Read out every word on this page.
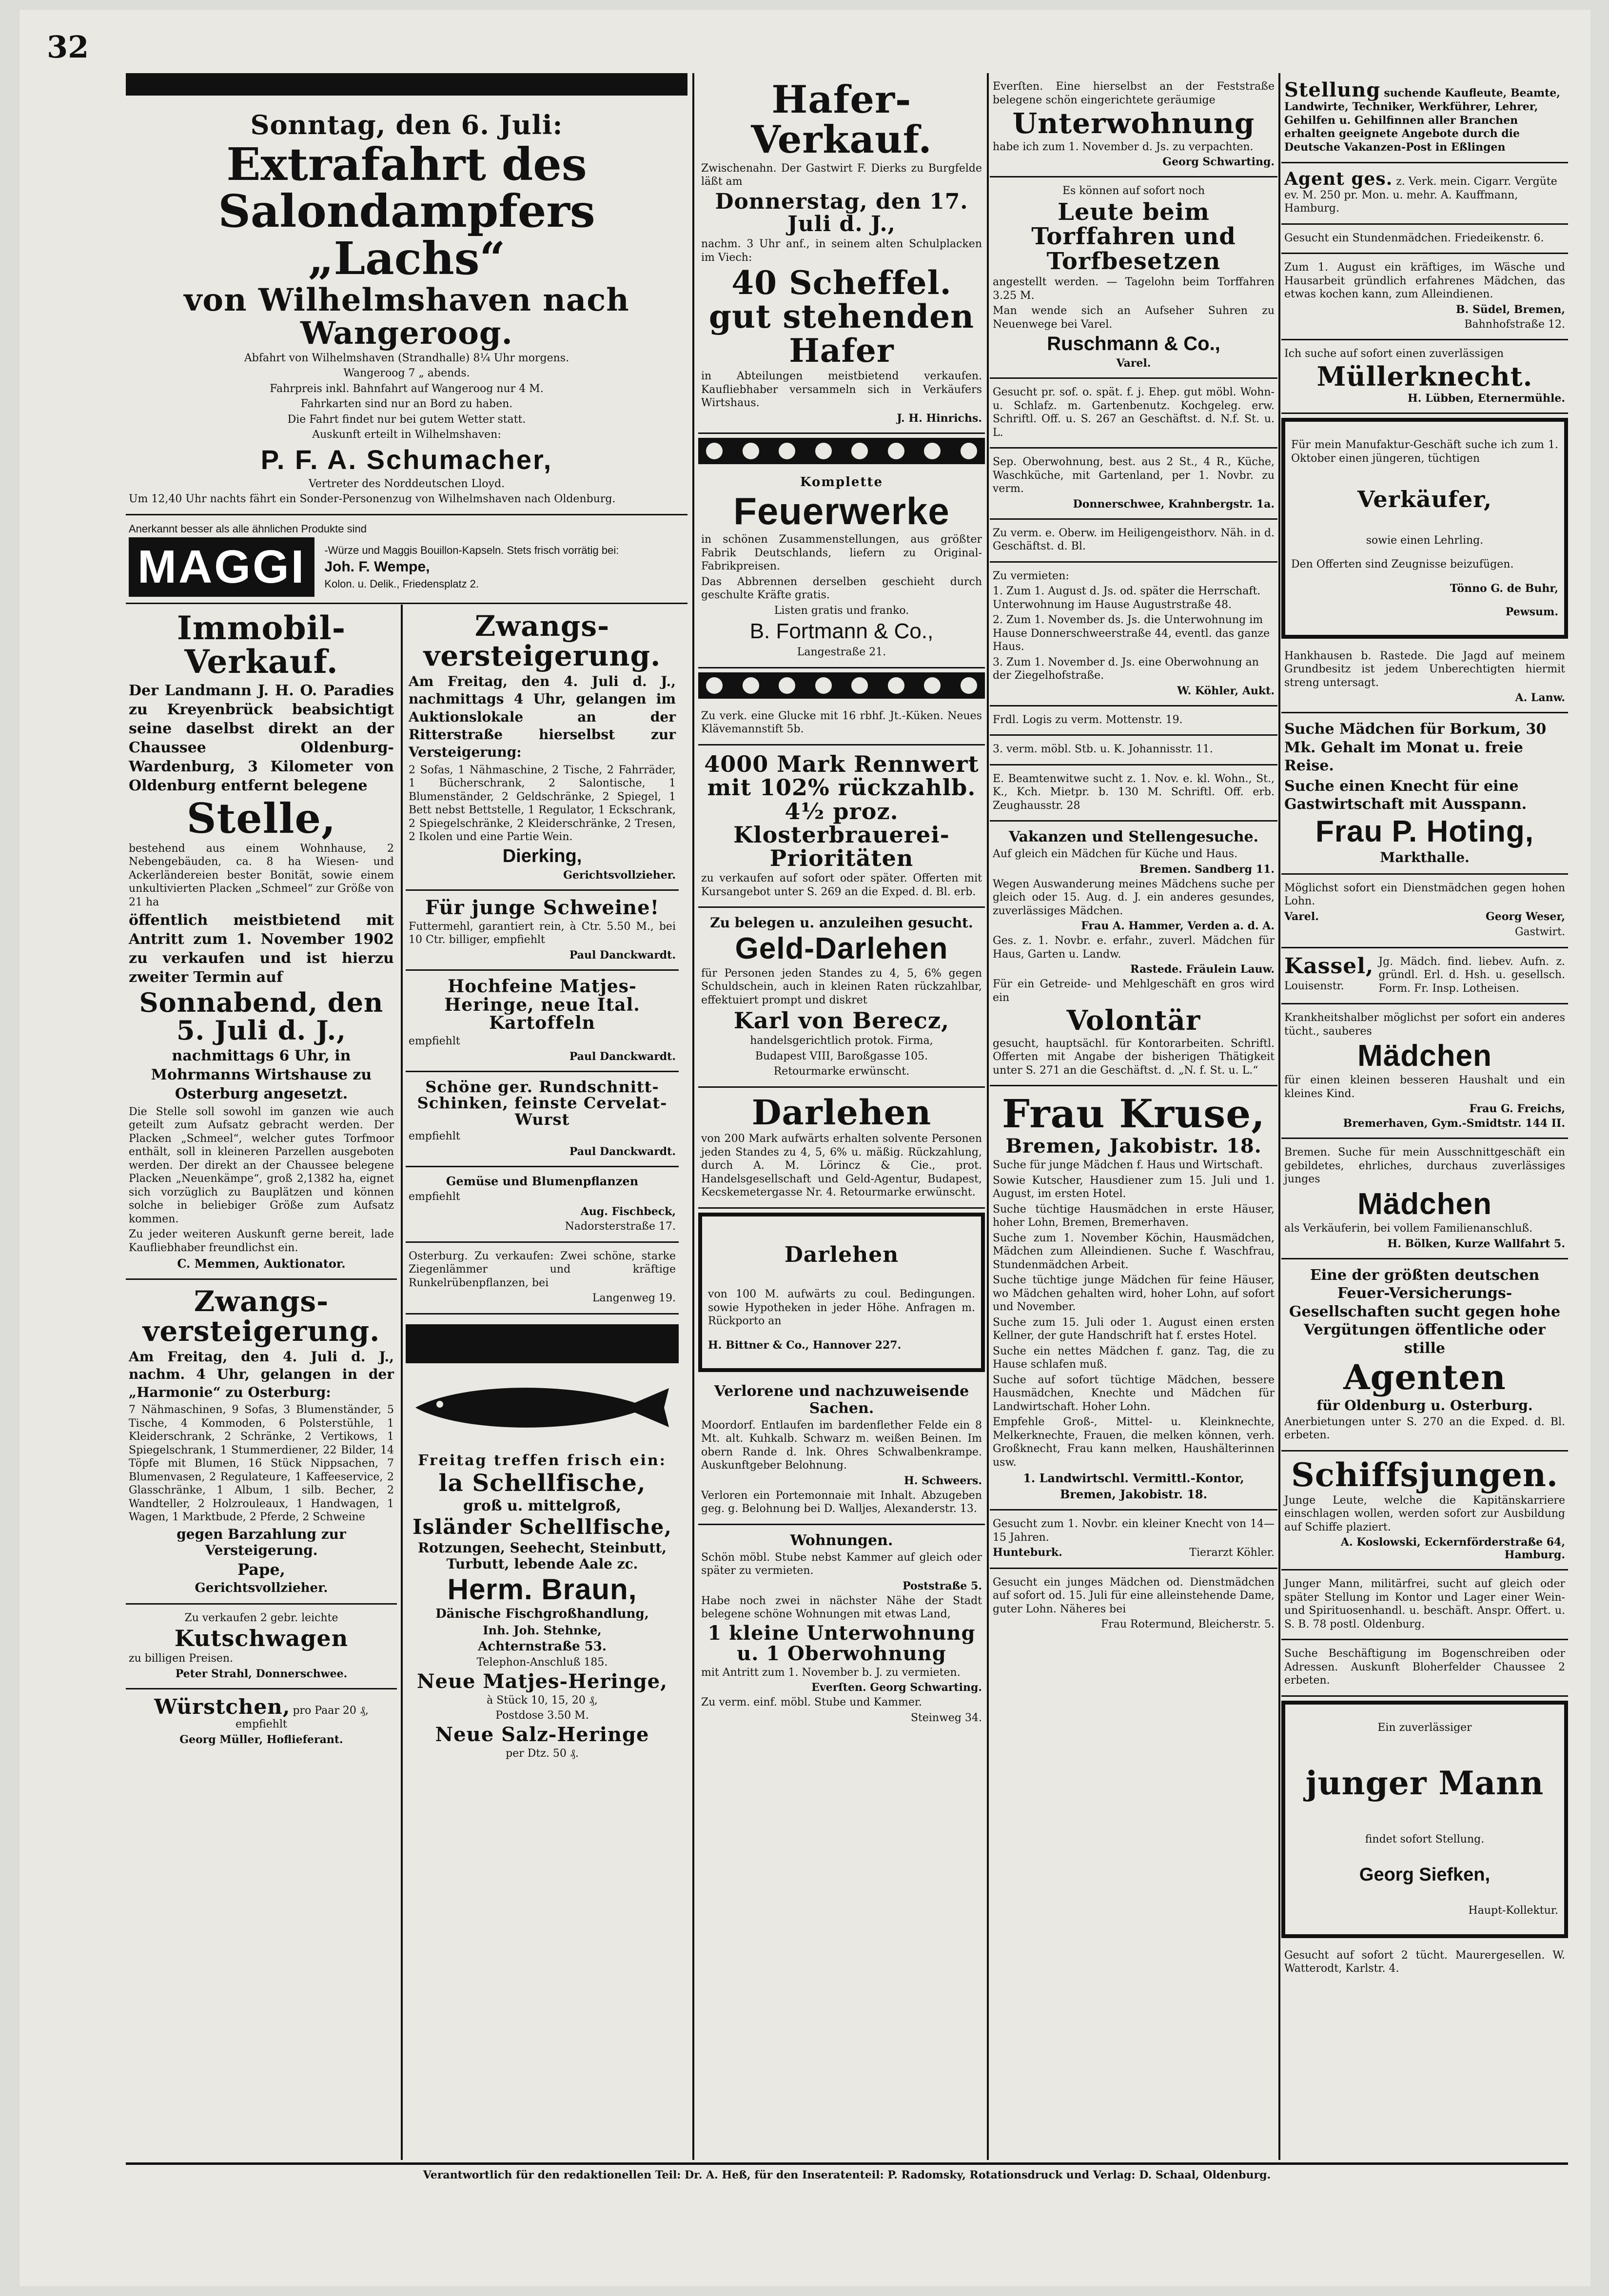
32

Sonntag, den 6. Juli:

Extrafahrt des Salondampfers „Lachs“

von Wilhelmshaven nach Wangeroog.

Abfahrt von Wilhelmshaven (Strandhalle) 8¼ Uhr morgens.

Wangeroog 7 „ abends.

Fahrpreis inkl. Bahnfahrt auf Wangeroog nur 4 M.

Fahrkarten sind nur an Bord zu haben.

Die Fahrt findet nur bei gutem Wetter statt.

Auskunft erteilt in Wilhelmshaven:

P. F. A. Schumacher,

Vertreter des Norddeutschen Lloyd.

Um 12,40 Uhr nachts fährt ein Sonder-Personenzug von Wilhelmshaven nach Oldenburg.

Anerkannt besser als alle ähnlichen Produkte sind

MAGGI	-Würze und Maggis Bouillon-Kapseln. Stets frisch vorrätig bei:

Joh. F. Wempe,

Kolon. u. Delik., Friedensplatz 2.

Immobil-Verkauf.

Der Landmann J. H. O. Paradies zu Kreyenbrück beabsichtigt seine daselbst direkt an der Chaussee Oldenburg-Wardenburg, 3 Kilometer von Oldenburg entfernt belegene

Stelle,

bestehend aus einem Wohnhause, 2 Nebengebäuden, ca. 8 ha Wiesen- und Ackerländereien bester Bonität, sowie einem unkultivierten Placken „Schmeel“ zur Größe von 21 ha

öffentlich meistbietend mit Antritt zum 1. November 1902 zu verkaufen und ist hierzu zweiter Termin auf

Sonnabend, den 5. Juli d. J.,

nachmittags 6 Uhr, in Mohrmanns Wirtshause zu Osterburg angesetzt.

Die Stelle soll sowohl im ganzen wie auch geteilt zum Aufsatz gebracht werden. Der Placken „Schmeel“, welcher gutes Torfmoor enthält, soll in kleineren Parzellen ausgeboten werden. Der direkt an der Chaussee belegene Placken „Neuenkämpe“, groß 2,1382 ha, eignet sich vorzüglich zu Bauplätzen und können solche in beliebiger Größe zum Aufsatz kommen.

Zu jeder weiteren Auskunft gerne bereit, lade Kaufliebhaber freundlichst ein.

C. Memmen, Auktionator.

Zwangs-versteigerung.

Am Freitag, den 4. Juli d. J., nachm. 4 Uhr, gelangen in der „Harmonie“ zu Osterburg:

7 Nähmaschinen, 9 Sofas, 3 Blumenständer, 5 Tische, 4 Kommoden, 6 Polsterstühle, 1 Kleiderschrank, 2 Schränke, 2 Vertikows, 1 Spiegelschrank, 1 Stummerdiener, 22 Bilder, 14 Töpfe mit Blumen, 16 Stück Nippsachen, 7 Blumenvasen, 2 Regulateure, 1 Kaffeeservice, 2 Glasschränke, 1 Album, 1 silb. Becher, 2 Wandteller, 2 Holzrouleaux, 1 Handwagen, 1 Wagen, 1 Marktbude, 2 Pferde, 2 Schweine

gegen Barzahlung zur Versteigerung.

Pape,

Gerichtsvollzieher.

Zu verkaufen 2 gebr. leichte

Kutschwagen

zu billigen Preisen.

Peter Strahl, Donnerschwee.

Würstchen, pro Paar 20 ₰, empfiehlt

Georg Müller, Hoflieferant.

Zwangs-versteigerung.

Am Freitag, den 4. Juli d. J., nachmittags 4 Uhr, gelangen im Auktionslokale an der Ritterstraße hierselbst zur Versteigerung:

2 Sofas, 1 Nähmaschine, 2 Tische, 2 Fahrräder, 1 Bücherschrank, 2 Salontische, 1 Blumenständer, 2 Geldschränke, 2 Spiegel, 1 Bett nebst Bettstelle, 1 Regulator, 1 Eckschrank, 2 Spiegelschränke, 2 Kleiderschränke, 2 Tresen, 2 Ikolen und eine Partie Wein.

Dierking,

Gerichtsvollzieher.

Für junge Schweine!

Futtermehl, garantiert rein, à Ctr. 5.50 M., bei 10 Ctr. billiger, empfiehlt

Paul Danckwardt.

Hochfeine Matjes-Heringe, neue Ital. Kartoffeln

empfiehlt

Paul Danckwardt.

Schöne ger. Rundschnitt-Schinken, feinste Cervelat-Wurst

empfiehlt

Paul Danckwardt.

Gemüse und Blumenpflanzen

empfiehlt

Aug. Fischbeck,

Nadorsterstraße 17.

Osterburg. Zu verkaufen: Zwei schöne, starke Ziegenlämmer und kräftige Runkelrübenpflanzen, bei

Langenweg 19.

Freitag treffen frisch ein:

la Schellfische,

groß u. mittelgroß,

Isländer Schellfische,

Rotzungen, Seehecht, Steinbutt, Turbutt, lebende Aale zc.

Herm. Braun,

Dänische Fischgroßhandlung,

Inh. Joh. Stehnke,

Achternstraße 53.

Telephon-Anschluß 185.

Neue Matjes-Heringe,

à Stück 10, 15, 20 ₰,

Postdose 3.50 M.

Neue Salz-Heringe

per Dtz. 50 ₰.

Hafer-Verkauf.

Zwischenahn. Der Gastwirt F. Dierks zu Burgfelde läßt am

Donnerstag, den 17. Juli d. J.,

nachm. 3 Uhr anf., in seinem alten Schulplacken im Viech:

40 Scheffel. gut stehenden Hafer

in Abteilungen meistbietend verkaufen. Kaufliebhaber versammeln sich in Verkäufers Wirtshaus.

J. H. Hinrichs.

Komplette

Feuerwerke

in schönen Zusammenstellungen, aus größter Fabrik Deutschlands, liefern zu Original-Fabrikpreisen.

Das Abbrennen derselben geschieht durch geschulte Kräfte gratis.

Listen gratis und franko.

B. Fortmann & Co.,

Langestraße 21.

Zu verk. eine Glucke mit 16 rbhf. Jt.-Küken. Neues Klävemannstift 5b.

4000 Mark Rennwert mit 102% rückzahlb. 4½ proz. Klosterbrauerei-Prioritäten

zu verkaufen auf sofort oder später. Offerten mit Kursangebot unter S. 269 an die Exped. d. Bl. erb.

Zu belegen u. anzuleihen gesucht.

Geld-Darlehen

für Personen jeden Standes zu 4, 5, 6% gegen Schuldschein, auch in kleinen Raten rückzahlbar, effektuiert prompt und diskret

Karl von Berecz,

handelsgerichtlich protok. Firma,

Budapest VIII, Baroßgasse 105.

Retourmarke erwünscht.

Darlehen

von 200 Mark aufwärts erhalten solvente Personen jeden Standes zu 4, 5, 6% u. mäßig. Rückzahlung, durch A. M. Lörincz & Cie., prot. Handelsgesellschaft und Geld-Agentur, Budapest, Kecskemetergasse Nr. 4. Retourmarke erwünscht.

Darlehen

von 100 M. aufwärts zu coul. Bedingungen. sowie Hypotheken in jeder Höhe. Anfragen m. Rückporto an

H. Bittner & Co., Hannover 227.

Verlorene und nachzuweisende Sachen.

Moordorf. Entlaufen im bardenflether Felde ein 8 Mt. alt. Kuhkalb. Schwarz m. weißen Beinen. Im obern Rande d. lnk. Ohres Schwalbenkrampe. Auskunftgeber Belohnung.

H. Schweers.

Verloren ein Portemonnaie mit Inhalt. Abzugeben geg. g. Belohnung bei D. Walljes, Alexanderstr. 13.

Wohnungen.

Schön möbl. Stube nebst Kammer auf gleich oder später zu vermieten.

Poststraße 5.

Habe noch zwei in nächster Nähe der Stadt belegene schöne Wohnungen mit etwas Land,

1 kleine Unterwohnung u. 1 Oberwohnung

mit Antritt zum 1. November b. J. zu vermieten.

Everſten. Georg Schwarting.

Zu verm. einf. möbl. Stube und Kammer.

Steinweg 34.

Everſten. Eine hierselbst an der Feststraße belegene schön eingerichtete geräumige

Unterwohnung

habe ich zum 1. November d. Js. zu verpachten.

Georg Schwarting.

Es können auf sofort noch

Leute beim Torffahren und Torfbesetzen

angestellt werden. — Tagelohn beim Torffahren 3.25 M.

Man wende sich an Aufseher Suhren zu Neuenwege bei Varel.

Ruschmann & Co.,

Varel.

Gesucht pr. sof. o. spät. f. j. Ehep. gut möbl. Wohn- u. Schlafz. m. Gartenbenutz. Kochgeleg. erw. Schriftl. Off. u. S. 267 an Geschäftst. d. N.f. St. u. L.

Sep. Oberwohnung, best. aus 2 St., 4 R., Küche, Waschküche, mit Gartenland, per 1. Novbr. zu verm.

Donnerschwee, Krahnbergstr. 1a.

Zu verm. e. Oberw. im Heiligengeisthorv. Näh. in d. Geschäftst. d. Bl.

Zu vermieten:

1. Zum 1. August d. Js. od. später die Herrschaft. Unterwohnung im Hause Augustrstraße 48.

2. Zum 1. November ds. Js. die Unterwohnung im Hause Donnerschweerstraße 44, eventl. das ganze Haus.

3. Zum 1. November d. Js. eine Oberwohnung an der Ziegelhofstraße.

W. Köhler, Aukt.

Frdl. Logis zu verm. Mottenstr. 19.

3. verm. möbl. Stb. u. K. Johannisstr. 11.

E. Beamtenwitwe sucht z. 1. Nov. e. kl. Wohn., St., K., Kch. Mietpr. b. 130 M. Schriftl. Off. erb. Zeughausstr. 28

Vakanzen und Stellengesuche.

Auf gleich ein Mädchen für Küche und Haus.

Bremen. Sandberg 11.

Wegen Auswanderung meines Mädchens suche per gleich oder 15. Aug. d. J. ein anderes gesundes, zuverlässiges Mädchen.

Frau A. Hammer, Verden a. d. A.

Ges. z. 1. Novbr. e. erfahr., zuverl. Mädchen für Haus, Garten u. Landw.

Rastede. Fräulein Lauw.

Für ein Getreide- und Mehlgeschäft en gros wird ein

Volontär

gesucht, hauptsächl. für Kontorarbeiten. Schriftl. Offerten mit Angabe der bisherigen Thätigkeit unter S. 271 an die Geschäftst. d. „N. f. St. u. L.“

Frau Kruse,

Bremen, Jakobistr. 18.

Suche für junge Mädchen f. Haus und Wirtschaft.

Sowie Kutscher, Hausdiener zum 15. Juli und 1. August, im ersten Hotel.

Suche tüchtige Hausmädchen in erste Häuser, hoher Lohn, Bremen, Bremerhaven.

Suche zum 1. November Köchin, Hausmädchen, Mädchen zum Alleindienen. Suche f. Waschfrau, Stundenmädchen Arbeit.

Suche tüchtige junge Mädchen für feine Häuser, wo Mädchen gehalten wird, hoher Lohn, auf sofort und November.

Suche zum 15. Juli oder 1. August einen ersten Kellner, der gute Handschrift hat f. erstes Hotel.

Suche ein nettes Mädchen f. ganz. Tag, die zu Hause schlafen muß.

Suche auf sofort tüchtige Mädchen, bessere Hausmädchen, Knechte und Mädchen für Landwirtschaft. Hoher Lohn.

Empfehle Groß-, Mittel- u. Kleinknechte, Melkerknechte, Frauen, die melken können, verh. Großknecht, Frau kann melken, Haushälterinnen usw.

1. Landwirtschl. Vermittl.-Kontor,

Bremen, Jakobistr. 18.

Gesucht zum 1. Novbr. ein kleiner Knecht von 14—15 Jahren.

Hunteburk.	Tierarzt Köhler.

Gesucht ein junges Mädchen od. Dienstmädchen auf sofort od. 15. Juli für eine alleinstehende Dame, guter Lohn. Näheres bei

Frau Rotermund, Bleicherstr. 5.

Stellung suchende Kaufleute, Beamte, Landwirte, Techniker, Werkführer, Lehrer, Gehilfen u. Gehilfinnen aller Branchen erhalten geeignete Angebote durch die Deutsche Vakanzen-Post in Eßlingen

Agent ges. z. Verk. mein. Cigarr. Vergüte ev. M. 250 pr. Mon. u. mehr. A. Kauffmann, Hamburg.

Gesucht ein Stundenmädchen. Friedeikenstr. 6.

Zum 1. August ein kräftiges, im Wäsche und Hausarbeit gründlich erfahrenes Mädchen, das etwas kochen kann, zum Alleindienen.

B. Südel, Bremen,

Bahnhofstraße 12.

Ich suche auf sofort einen zuverlässigen

Müllerknecht.

H. Lübben, Eternermühle.

Für mein Manufaktur-Geschäft suche ich zum 1. Oktober einen jüngeren, tüchtigen

Verkäufer,

sowie einen Lehrling.

Den Offerten sind Zeugnisse beizufügen.

Tönno G. de Buhr,

Pewsum.

Hankhausen b. Rastede. Die Jagd auf meinem Grundbesitz ist jedem Unberechtigten hiermit streng untersagt.

A. Lanw.

Suche Mädchen für Borkum, 30 Mk. Gehalt im Monat u. freie Reise.

Suche einen Knecht für eine Gastwirtschaft mit Ausspann.

Frau P. Hoting,

Markthalle.

Möglichst sofort ein Dienstmädchen gegen hohen Lohn.

Varel.	Georg Weser,

Gastwirt.

Kassel,

Louisenstr.

Jg. Mädch. find. liebev. Aufn. z. gründl. Erl. d. Hsh. u. gesellsch. Form. Fr. Insp. Lotheisen.

Krankheitshalber möglichst per sofort ein anderes tücht., sauberes

Mädchen

für einen kleinen besseren Haushalt und ein kleines Kind.

Frau G. Freichs,

Bremerhaven, Gym.-Smidtstr. 144 II.

Bremen. Suche für mein Ausschnittgeschäft ein gebildetes, ehrliches, durchaus zuverlässiges junges

Mädchen

als Verkäuferin, bei vollem Familienanschluß.

H. Bölken, Kurze Wallfahrt 5.

Eine der größten deutschen Feuer-Versicherungs-Gesellschaften sucht gegen hohe Vergütungen öffentliche oder stille

Agenten

für Oldenburg u. Osterburg.

Anerbietungen unter S. 270 an die Exped. d. Bl. erbeten.

Schiffsjungen.

Junge Leute, welche die Kapitänskarriere einschlagen wollen, werden sofort zur Ausbildung auf Schiffe plaziert.

A. Koslowski, Eckernförderstraße 64, Hamburg.

Junger Mann, militärfrei, sucht auf gleich oder später Stellung im Kontor und Lager einer Wein- und Spirituosenhandl. u. beschäft. Anspr. Offert. u. S. B. 78 postl. Oldenburg.

Suche Beschäftigung im Bogenschreiben oder Adressen. Auskunft Bloherfelder Chaussee 2 erbeten.

Ein zuverlässiger

junger Mann

findet sofort Stellung.

Georg Siefken,

Haupt-Kollektur.

Gesucht auf sofort 2 tücht. Maurergesellen. W. Watterodt, Karlstr. 4.

Verantwortlich für den redaktionellen Teil: Dr. A. Heß, für den Inseratenteil: P. Radomsky, Rotationsdruck und Verlag: D. Schaal, Oldenburg.
